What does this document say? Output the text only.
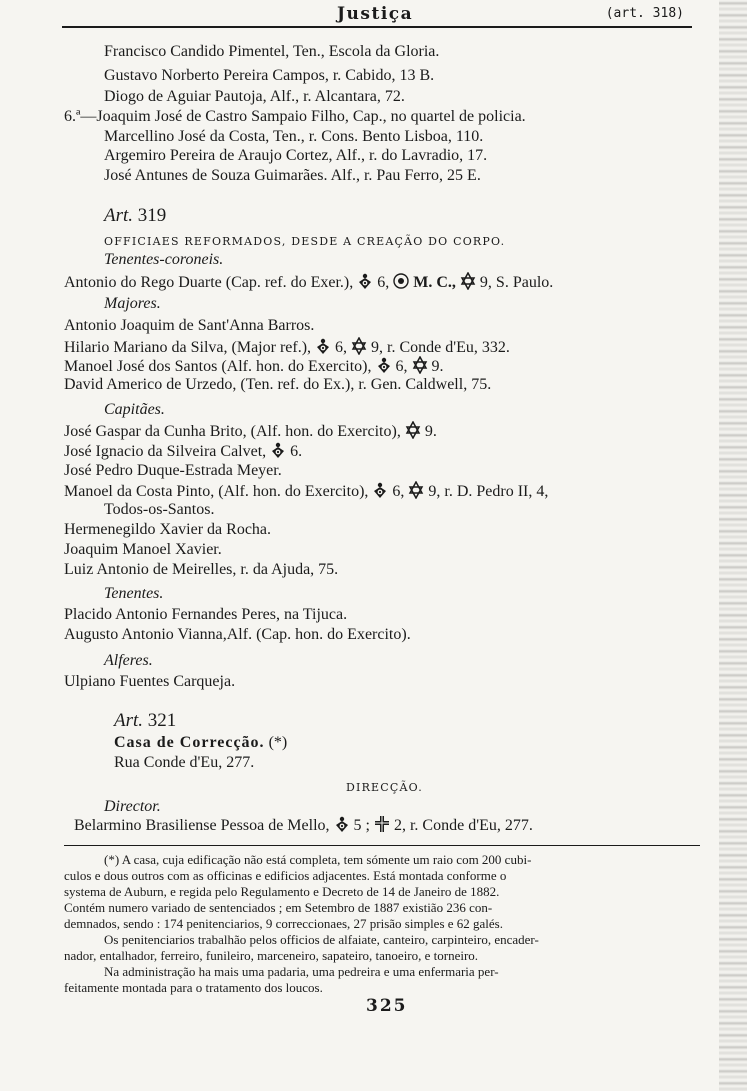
Justiça	(art. 318)
Francisco Candido Pimentel, Ten., Escola da Gloria.
Gustavo Norberto Pereira Campos, r. Cabido, 13 B.
Diogo de Aguiar Pautoja, Alf., r. Alcantara, 72.
6.ª—Joaquim José de Castro Sampaio Filho, Cap., no quartel de policia.
Marcellino José da Costa, Ten., r. Cons. Bento Lisboa, 110.
Argemiro Pereira de Araujo Cortez, Alf., r. do Lavradio, 17.
José Antunes de Souza Guimarães. Alf., r. Pau Ferro, 25 E.
Art. 319
OFFICIAES REFORMADOS, DESDE A CREAÇÃO DO CORPO.
Tenentes-coroneis.
Antonio do Rego Duarte (Cap. ref. do Exer.), 6,  M. C., 9, S. Paulo.
Majores.
Antonio Joaquim de Sant'Anna Barros.
Hilario Mariano da Silva, (Major ref.), 6, 9, r. Conde d'Eu, 332.
Manoel José dos Santos (Alf. hon. do Exercito), 6, 9.
David Americo de Urzedo, (Ten. ref. do Ex.), r. Gen. Caldwell, 75.
Capitães.
José Gaspar da Cunha Brito, (Alf. hon. do Exercito), 9.
José Ignacio da Silveira Calvet, 6.
José Pedro Duque-Estrada Meyer.
Manoel da Costa Pinto, (Alf. hon. do Exercito), 6, 9, r. D. Pedro II, 4,
Todos-os-Santos.
Hermenegildo Xavier da Rocha.
Joaquim Manoel Xavier.
Luiz Antonio de Meirelles, r. da Ajuda, 75.
Tenentes.
Placido Antonio Fernandes Peres, na Tijuca.
Augusto Antonio Vianna,Alf. (Cap. hon. do Exercito).
Alferes.
Ulpiano Fuentes Carqueja.
Art. 321
Casa de Correcção. (*)
Rua Conde d'Eu, 277.
DIRECÇÃO.
Director.
Belarmino Brasiliense Pessoa de Mello, 5 ; 2, r. Conde d'Eu, 277.
(*) A casa, cuja edificação não está completa, tem sómente um raio com 200 cubi-
culos e dous outros com as officinas e edificios adjacentes. Está montada conforme o
systema de Auburn, e regida pelo Regulamento e Decreto de 14 de Janeiro de 1882.
Contém numero variado de sentenciados ; em Setembro de 1887 existião 236 con-
demnados, sendo : 174 penitenciarios, 9 correccionaes, 27 prisão simples e 62 galés.
Os penitenciarios trabalhão pelos officios de alfaiate, canteiro, carpinteiro, encader-
nador, entalhador, ferreiro, funileiro, marceneiro, sapateiro, tanoeiro, e torneiro.
Na administração ha mais uma padaria, uma pedreira e uma enfermaria per-
feitamente montada para o tratamento dos loucos.
325
